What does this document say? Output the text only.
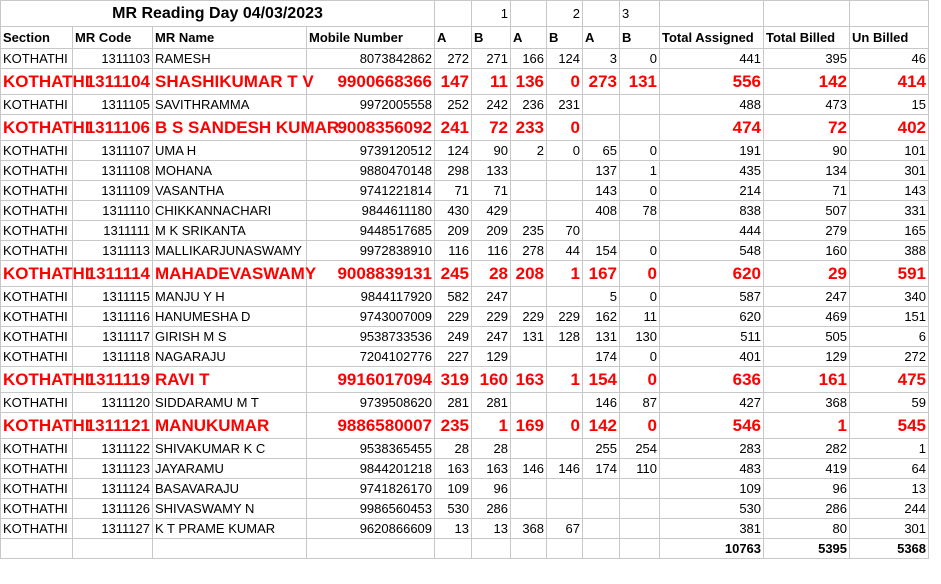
MR Reading Day 04/03/2023					1		2		3			
Section	MR Code	MR Name	Mobile Number	A	B	A	B	A	B	Total Assigned	Total Billed	Un Billed
KOTHATHI	1311103	RAMESH	8073842862	272	271	166	124	3	0	441	395	46
KOTHATHI	1311104	SHASHIKUMAR T V	9900668366	147	11	136	0	273	131	556	142	414
KOTHATHI	1311105	SAVITHRAMMA	9972005558	252	242	236	231			488	473	15
KOTHATHI	1311106	B S SANDESH KUMAR	9008356092	241	72	233	0			474	72	402
KOTHATHI	1311107	UMA H	9739120512	124	90	2	0	65	0	191	90	101
KOTHATHI	1311108	MOHANA	9880470148	298	133			137	1	435	134	301
KOTHATHI	1311109	VASANTHA	9741221814	71	71			143	0	214	71	143
KOTHATHI	1311110	CHIKKANNACHARI	9844611180	430	429			408	78	838	507	331
KOTHATHI	1311111	M K SRIKANTA	9448517685	209	209	235	70			444	279	165
KOTHATHI	1311113	MALLIKARJUNASWAMY	9972838910	116	116	278	44	154	0	548	160	388
KOTHATHI	1311114	MAHADEVASWAMY	9008839131	245	28	208	1	167	0	620	29	591
KOTHATHI	1311115	MANJU Y H	9844117920	582	247			5	0	587	247	340
KOTHATHI	1311116	HANUMESHA D	9743007009	229	229	229	229	162	11	620	469	151
KOTHATHI	1311117	GIRISH M S	9538733536	249	247	131	128	131	130	511	505	6
KOTHATHI	1311118	NAGARAJU	7204102776	227	129			174	0	401	129	272
KOTHATHI	1311119	RAVI T	9916017094	319	160	163	1	154	0	636	161	475
KOTHATHI	1311120	SIDDARAMU M T	9739508620	281	281			146	87	427	368	59
KOTHATHI	1311121	MANUKUMAR	9886580007	235	1	169	0	142	0	546	1	545
KOTHATHI	1311122	SHIVAKUMAR K C	9538365455	28	28			255	254	283	282	1
KOTHATHI	1311123	JAYARAMU	9844201218	163	163	146	146	174	110	483	419	64
KOTHATHI	1311124	BASAVARAJU	9741826170	109	96					109	96	13
KOTHATHI	1311126	SHIVASWAMY N	9986560453	530	286					530	286	244
KOTHATHI	1311127	K T PRAME KUMAR	9620866609	13	13	368	67			381	80	301
										10763	5395	5368
